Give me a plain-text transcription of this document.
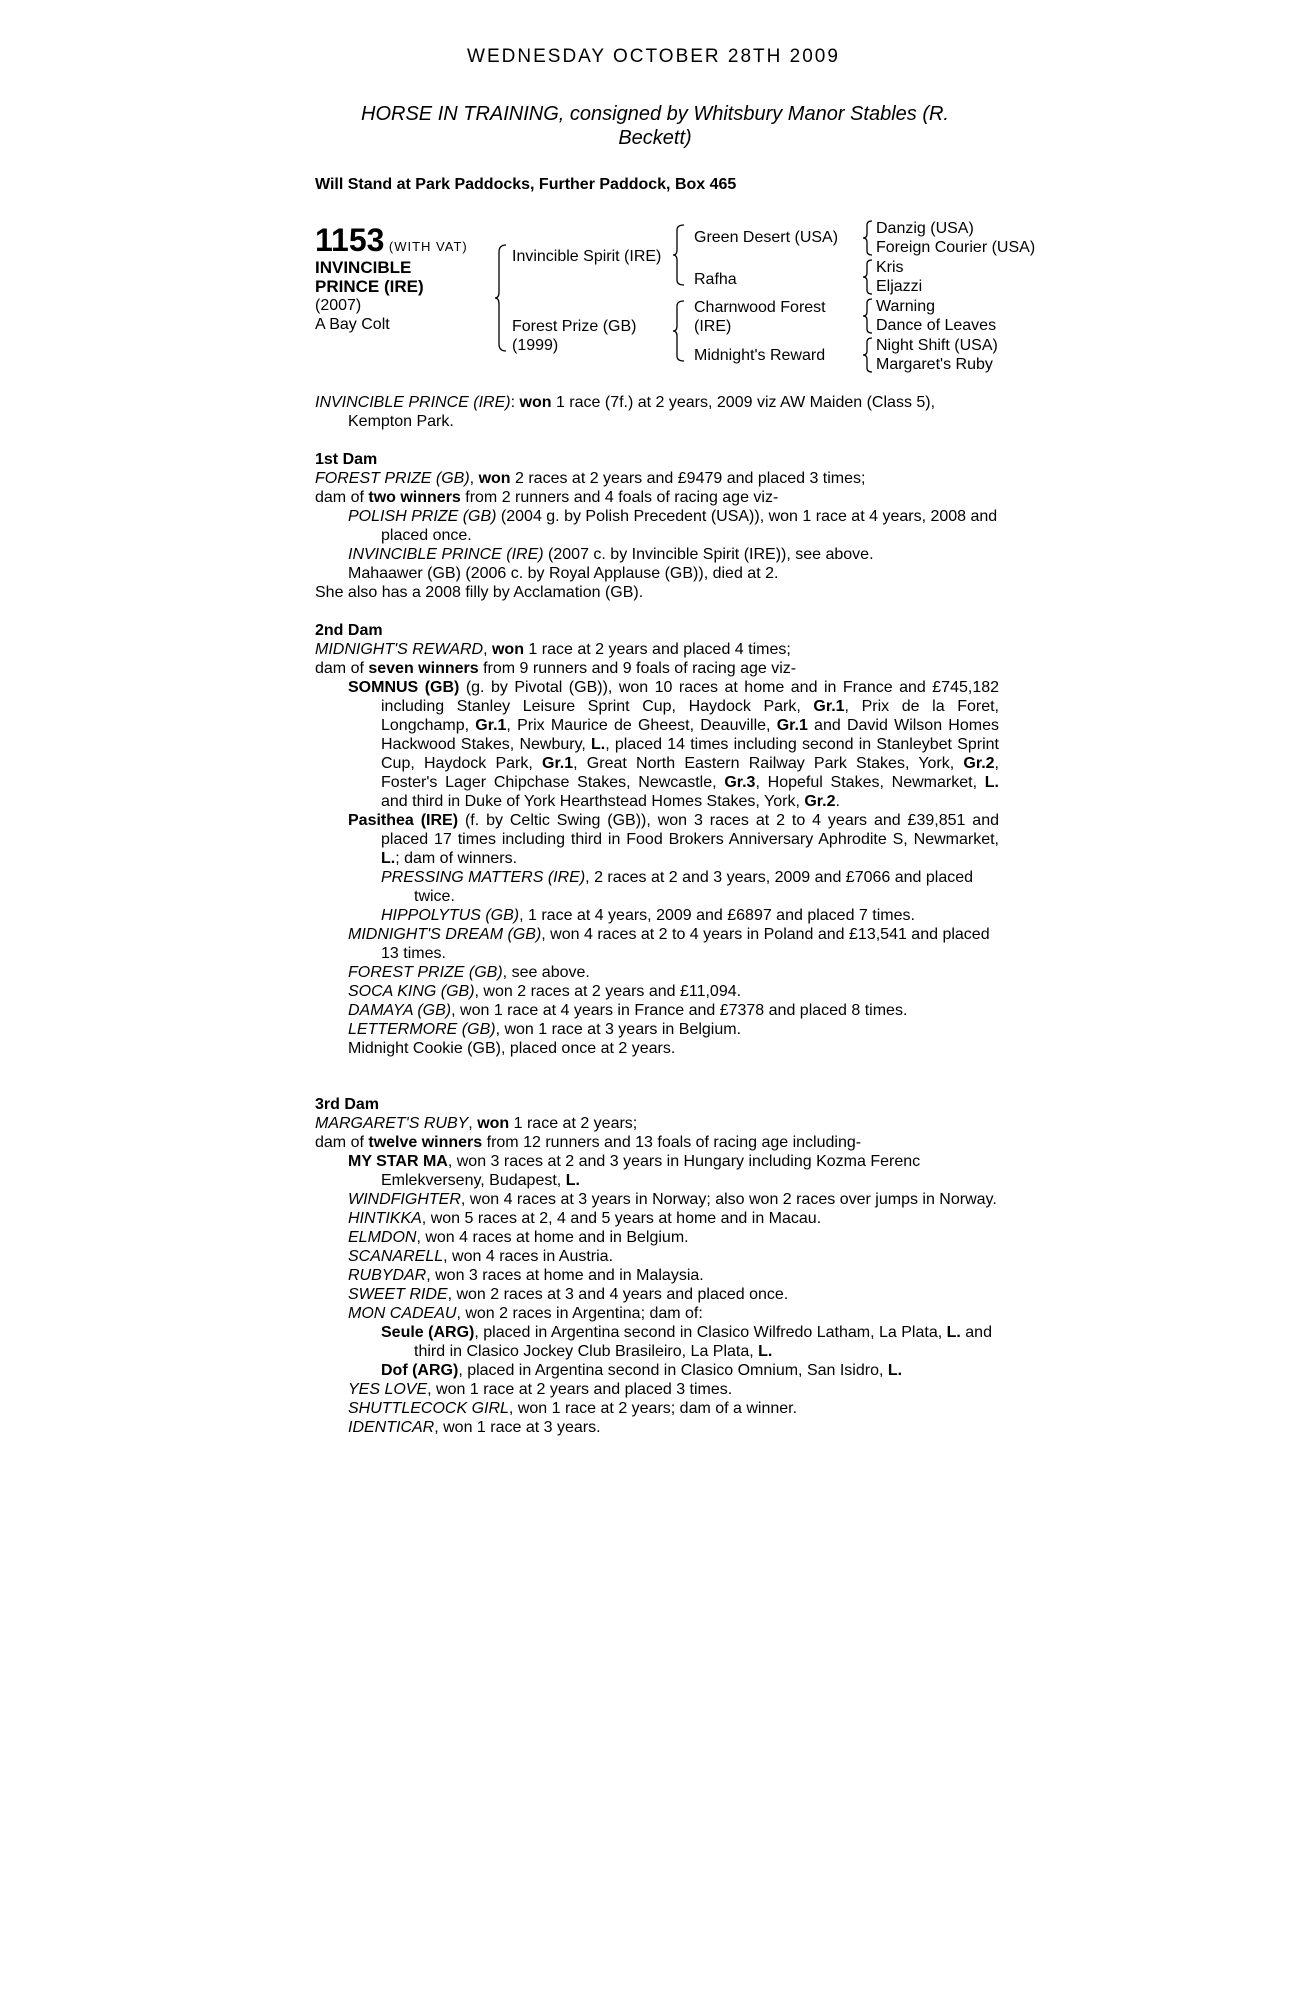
WEDNESDAY OCTOBER 28TH 2009
HORSE IN TRAINING, consigned by Whitsbury Manor Stables (R.
Beckett)
Will Stand at Park Paddocks, Further Paddock, Box 465
1153 (WITH VAT)
INVINCIBLE
PRINCE (IRE)
(2007)
A Bay Colt
Invincible Spirit (IRE)
Forest Prize (GB)
(1999)
Green Desert (USA)
Rafha
Charnwood Forest
(IRE)
Midnight's Reward
Danzig (USA)
Foreign Courier (USA)
Kris
Eljazzi
Warning
Dance of Leaves
Night Shift (USA)
Margaret's Ruby

INVINCIBLE PRINCE (IRE): won 1 race (7f.) at 2 years, 2009 viz AW Maiden (Class 5), Kempton Park.

1st Dam

FOREST PRIZE (GB), won 2 races at 2 years and £9479 and placed 3 times;

dam of two winners from 2 runners and 4 foals of racing age viz-

POLISH PRIZE (GB) (2004 g. by Polish Precedent (USA)), won 1 race at 4 years, 2008 and placed once.

INVINCIBLE PRINCE (IRE) (2007 c. by Invincible Spirit (IRE)), see above.

Mahaawer (GB) (2006 c. by Royal Applause (GB)), died at 2.

She also has a 2008 filly by Acclamation (GB).

2nd Dam

MIDNIGHT'S REWARD, won 1 race at 2 years and placed 4 times;

dam of seven winners from 9 runners and 9 foals of racing age viz-

SOMNUS (GB) (g. by Pivotal (GB)), won 10 races at home and in France and £745,182 including Stanley Leisure Sprint Cup, Haydock Park, Gr.1, Prix de la Foret, Longchamp, Gr.1, Prix Maurice de Gheest, Deauville, Gr.1 and David Wilson Homes Hackwood Stakes, Newbury, L., placed 14 times including second in Stanleybet Sprint Cup, Haydock Park, Gr.1, Great North Eastern Railway Park Stakes, York, Gr.2, Foster's Lager Chipchase Stakes, Newcastle, Gr.3, Hopeful Stakes, Newmarket, L. and third in Duke of York Hearthstead Homes Stakes, York, Gr.2.

Pasithea (IRE) (f. by Celtic Swing (GB)), won 3 races at 2 to 4 years and £39,851 and placed 17 times including third in Food Brokers Anniversary Aphrodite S, Newmarket, L.; dam of winners.

PRESSING MATTERS (IRE), 2 races at 2 and 3 years, 2009 and £7066 and placed twice.

HIPPOLYTUS (GB), 1 race at 4 years, 2009 and £6897 and placed 7 times.

MIDNIGHT'S DREAM (GB), won 4 races at 2 to 4 years in Poland and £13,541 and placed 13 times.

FOREST PRIZE (GB), see above.

SOCA KING (GB), won 2 races at 2 years and £11,094.

DAMAYA (GB), won 1 race at 4 years in France and £7378 and placed 8 times.

LETTERMORE (GB), won 1 race at 3 years in Belgium.

Midnight Cookie (GB), placed once at 2 years.

3rd Dam

MARGARET'S RUBY, won 1 race at 2 years;

dam of twelve winners from 12 runners and 13 foals of racing age including-

MY STAR MA, won 3 races at 2 and 3 years in Hungary including Kozma Ferenc Emlekverseny, Budapest, L.

WINDFIGHTER, won 4 races at 3 years in Norway; also won 2 races over jumps in Norway.

HINTIKKA, won 5 races at 2, 4 and 5 years at home and in Macau.

ELMDON, won 4 races at home and in Belgium.

SCANARELL, won 4 races in Austria.

RUBYDAR, won 3 races at home and in Malaysia.

SWEET RIDE, won 2 races at 3 and 4 years and placed once.

MON CADEAU, won 2 races in Argentina; dam of:

Seule (ARG), placed in Argentina second in Clasico Wilfredo Latham, La Plata, L. and third in Clasico Jockey Club Brasileiro, La Plata, L.

Dof (ARG), placed in Argentina second in Clasico Omnium, San Isidro, L.

YES LOVE, won 1 race at 2 years and placed 3 times.

SHUTTLECOCK GIRL, won 1 race at 2 years; dam of a winner.

IDENTICAR, won 1 race at 3 years.
